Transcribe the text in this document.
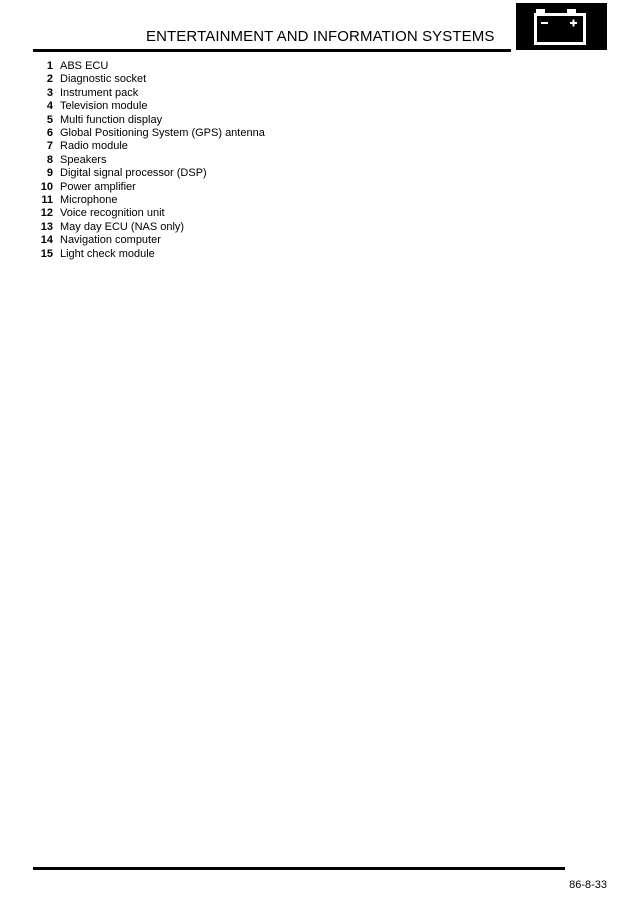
ENTERTAINMENT AND INFORMATION SYSTEMS
1 ABS ECU
2 Diagnostic socket
3 Instrument pack
4 Television module
5 Multi function display
6 Global Positioning System (GPS) antenna
7 Radio module
8 Speakers
9 Digital signal processor (DSP)
10 Power amplifier
11 Microphone
12 Voice recognition unit
13 May day ECU (NAS only)
14 Navigation computer
15 Light check module
86-8-33
